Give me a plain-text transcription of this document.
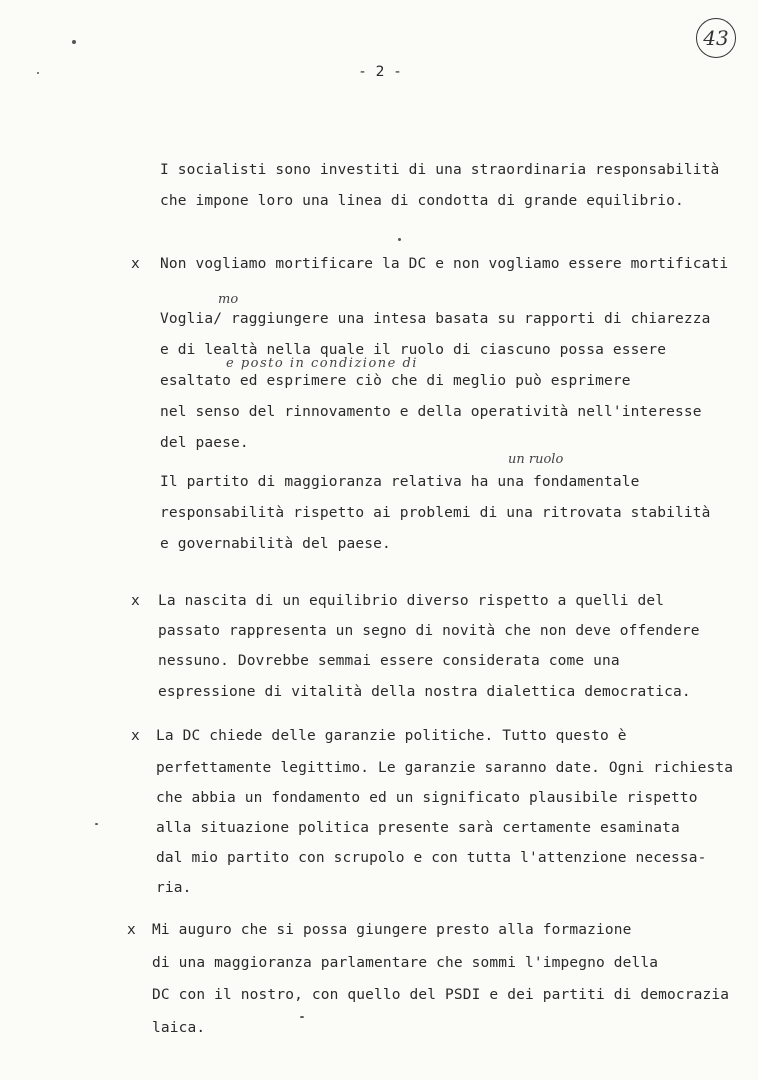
43
- 2 -
I socialisti sono investiti di una straordinaria responsabilità
che impone loro una linea di condotta di grande equilibrio.
x Non vogliamo mortificare la DC e non vogliamo essere mortificati
mo
Voglia/ raggiungere una intesa basata su rapporti di chiarezza
e di lealtà nella quale il ruolo di ciascuno possa essere
e posto in condizione di
esaltato ed esprimere ciò che di meglio può esprimere
nel senso del rinnovamento e della operatività nell'interesse
del paese.
un ruolo
Il partito di maggioranza relativa ha una fondamentale
responsabilità rispetto ai problemi di una ritrovata stabilità
e governabilità del paese.
x La nascita di un equilibrio diverso rispetto a quelli del
passato rappresenta un segno di novità che non deve offendere
nessuno. Dovrebbe semmai essere considerata come una
espressione di vitalità della nostra dialettica democratica.
x La DC chiede delle garanzie politiche. Tutto questo è
perfettamente legittimo. Le garanzie saranno date. Ogni richiesta
che abbia un fondamento ed un significato plausibile rispetto
alla situazione politica presente sarà certamente esaminata
dal mio partito con scrupolo e con tutta l'attenzione necessa-
ria.
x Mi auguro che si possa giungere presto alla formazione
di una maggioranza parlamentare che sommi l'impegno della
DC con il nostro, con quello del PSDI e dei partiti di democrazia
laica.
